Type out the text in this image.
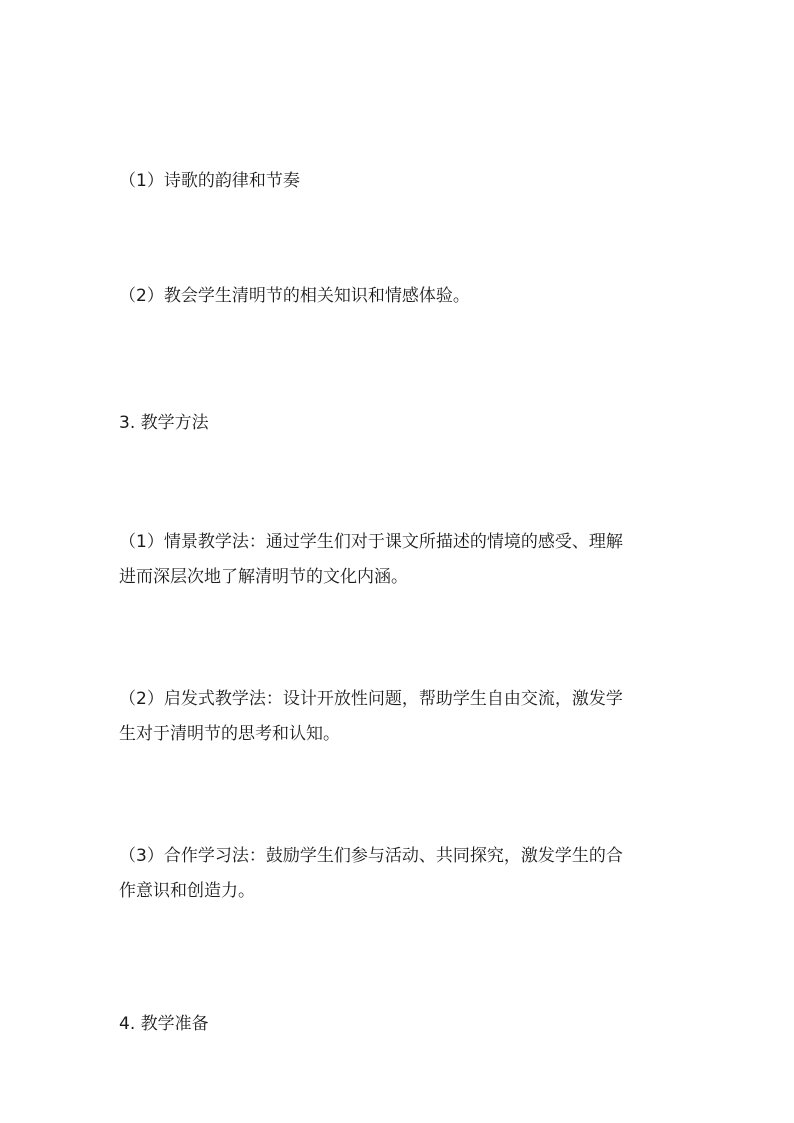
（1）诗歌的韵律和节奏

（2）教会学生清明节的相关知识和情感体验。

3. 教学方法

（1）情景教学法：通过学生们对于课文所描述的情境的感受、理解
进而深层次地了解清明节的文化内涵。

（2）启发式教学法：设计开放性问题，帮助学生自由交流，激发学
生对于清明节的思考和认知。

（3）合作学习法：鼓励学生们参与活动、共同探究，激发学生的合
作意识和创造力。

4. 教学准备
